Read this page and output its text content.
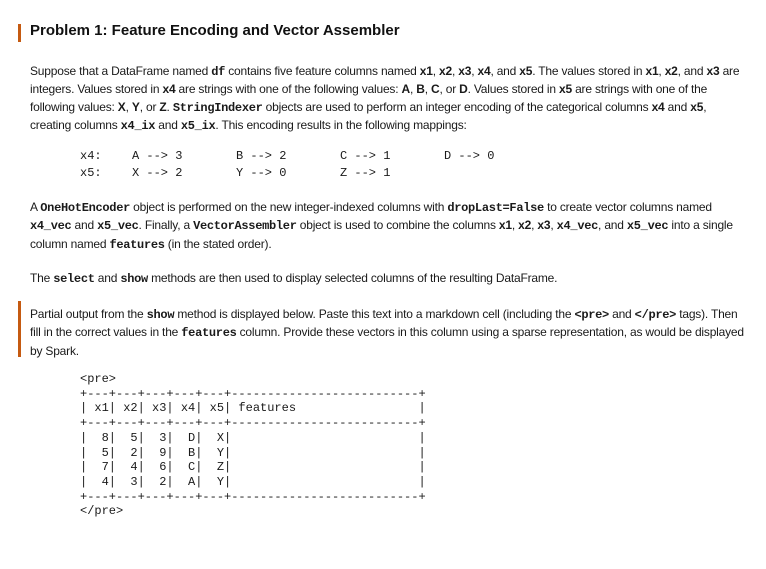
Problem 1: Feature Encoding and Vector Assembler

Suppose that a DataFrame named df contains five feature columns named x1, x2, x3, x4, and x5. The values stored in x1, x2, and x3 are integers. Values stored in x4 are strings with one of the following values: A, B, C, or D. Values stored in x5 are strings with one of the following values: X, Y, or Z. StringIndexer objects are used to perform an integer encoding of the categorical columns x4 and x5, creating columns x4_ix and x5_ix. This encoding results in the following mappings:

x4:	A --> 3	B --> 2	C --> 1	D --> 0
x5:	X --> 2	Y --> 0	Z --> 1	

A OneHotEncoder object is performed on the new integer-indexed columns with dropLast=False to create vector columns named x4_vec and x5_vec. Finally, a VectorAssembler object is used to combine the columns x1, x2, x3, x4_vec, and x5_vec into a single column named features (in the stated order).

The select and show methods are then used to display selected columns of the resulting DataFrame.

Partial output from the show method is displayed below. Paste this text into a markdown cell (including the <pre> and </pre> tags). Then fill in the correct values in the features column. Provide these vectors in this column using a sparse representation, as would be displayed by Spark.

<pre>
+---+---+---+---+---+--------------------------+
| x1| x2| x3| x4| x5| features                 |
+---+---+---+---+---+--------------------------+
|  8|  5|  3|  D|  X|                          |
|  5|  2|  9|  B|  Y|                          |
|  7|  4|  6|  C|  Z|                          |
|  4|  3|  2|  A|  Y|                          |
+---+---+---+---+---+--------------------------+
</pre>
